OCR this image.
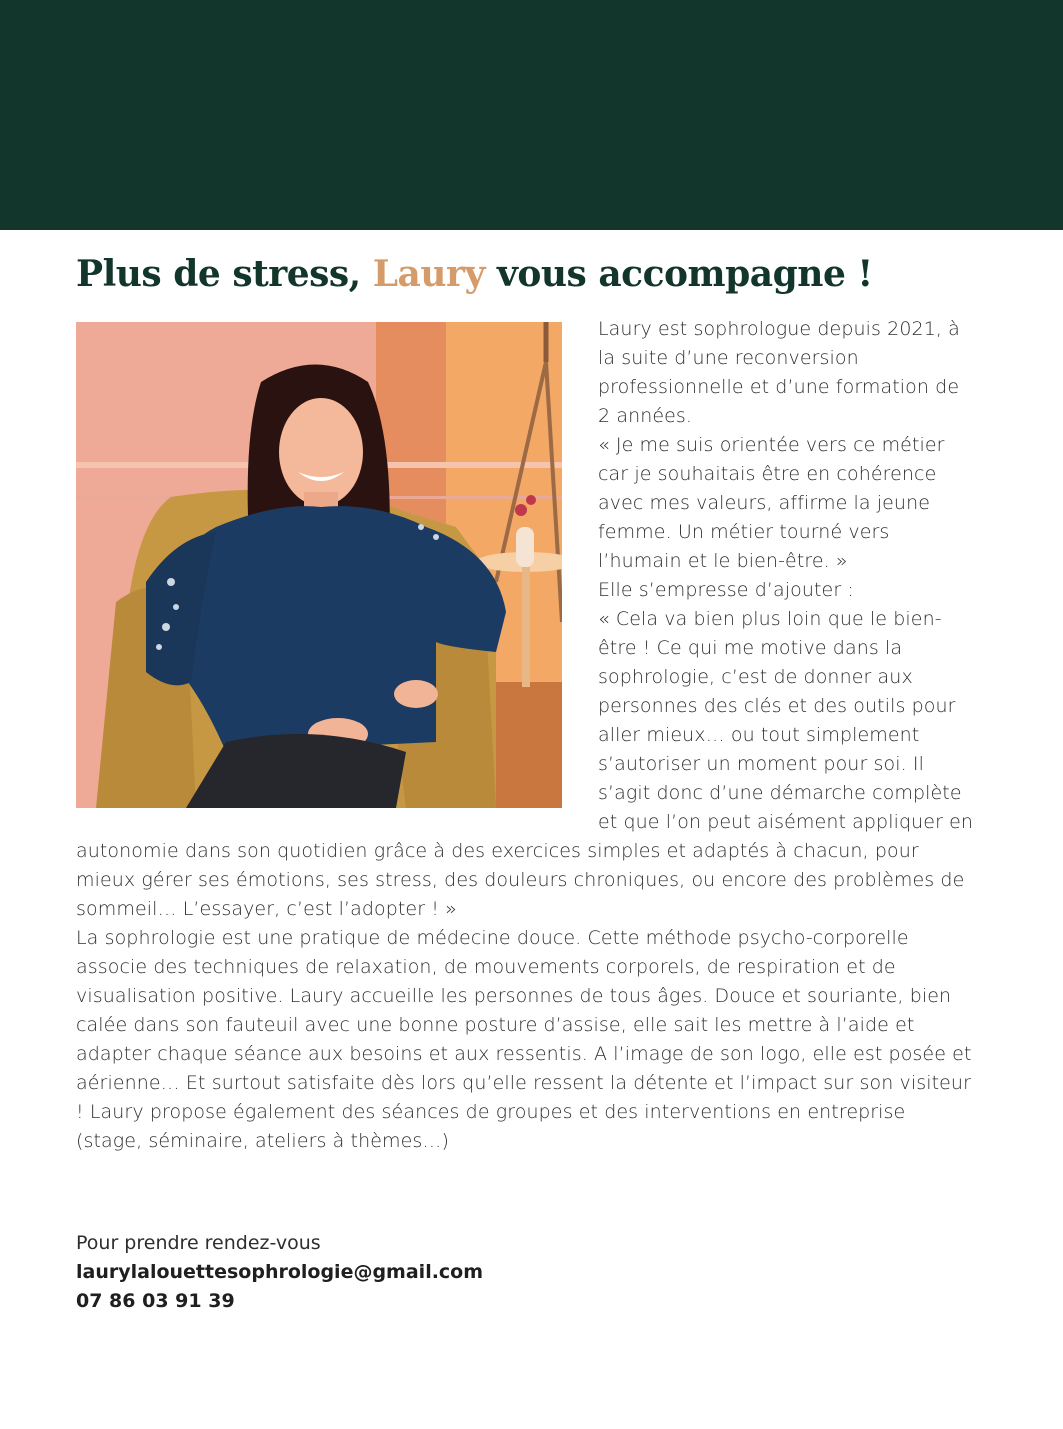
Plus de stress, Laury vous accompagne !

Laury est sophrologue depuis 2021, à la suite d’une reconversion professionnelle et d’une formation de 2 années.

« Je me suis orientée vers ce métier car je souhaitais être en cohérence avec mes valeurs, affirme la jeune femme. Un métier tourné vers l’humain et le bien-être. »

Elle s’empresse d’ajouter :

« Cela va bien plus loin que le bien-être ! Ce qui me motive dans la sophrologie, c’est de donner aux personnes des clés et des outils pour aller mieux… ou tout simplement s’autoriser un moment pour soi. Il s’agit donc d’une démarche complète et que l’on peut aisément appliquer en autonomie dans son quotidien grâce à des exercices simples et adaptés à chacun, pour mieux gérer ses émotions, ses stress, des douleurs chroniques, ou encore des problèmes de sommeil… L’essayer, c’est l’adopter ! »

La sophrologie est une pratique de médecine douce. Cette méthode psycho-corporelle associe des techniques de relaxation, de mouvements corporels, de respiration et de visualisation positive. Laury accueille les personnes de tous âges. Douce et souriante, bien calée dans son fauteuil avec une bonne posture d’assise, elle sait les mettre à l’aide et adapter chaque séance aux besoins et aux ressentis. A l’image de son logo, elle est posée et aérienne… Et surtout satisfaite dès lors qu’elle ressent la détente et l’impact sur son visiteur ! Laury propose également des séances de groupes et des interventions en entreprise (stage, séminaire, ateliers à thèmes…)

Pour prendre rendez-vous

laurylalouettesophrologie@gmail.com

07 86 03 91 39
